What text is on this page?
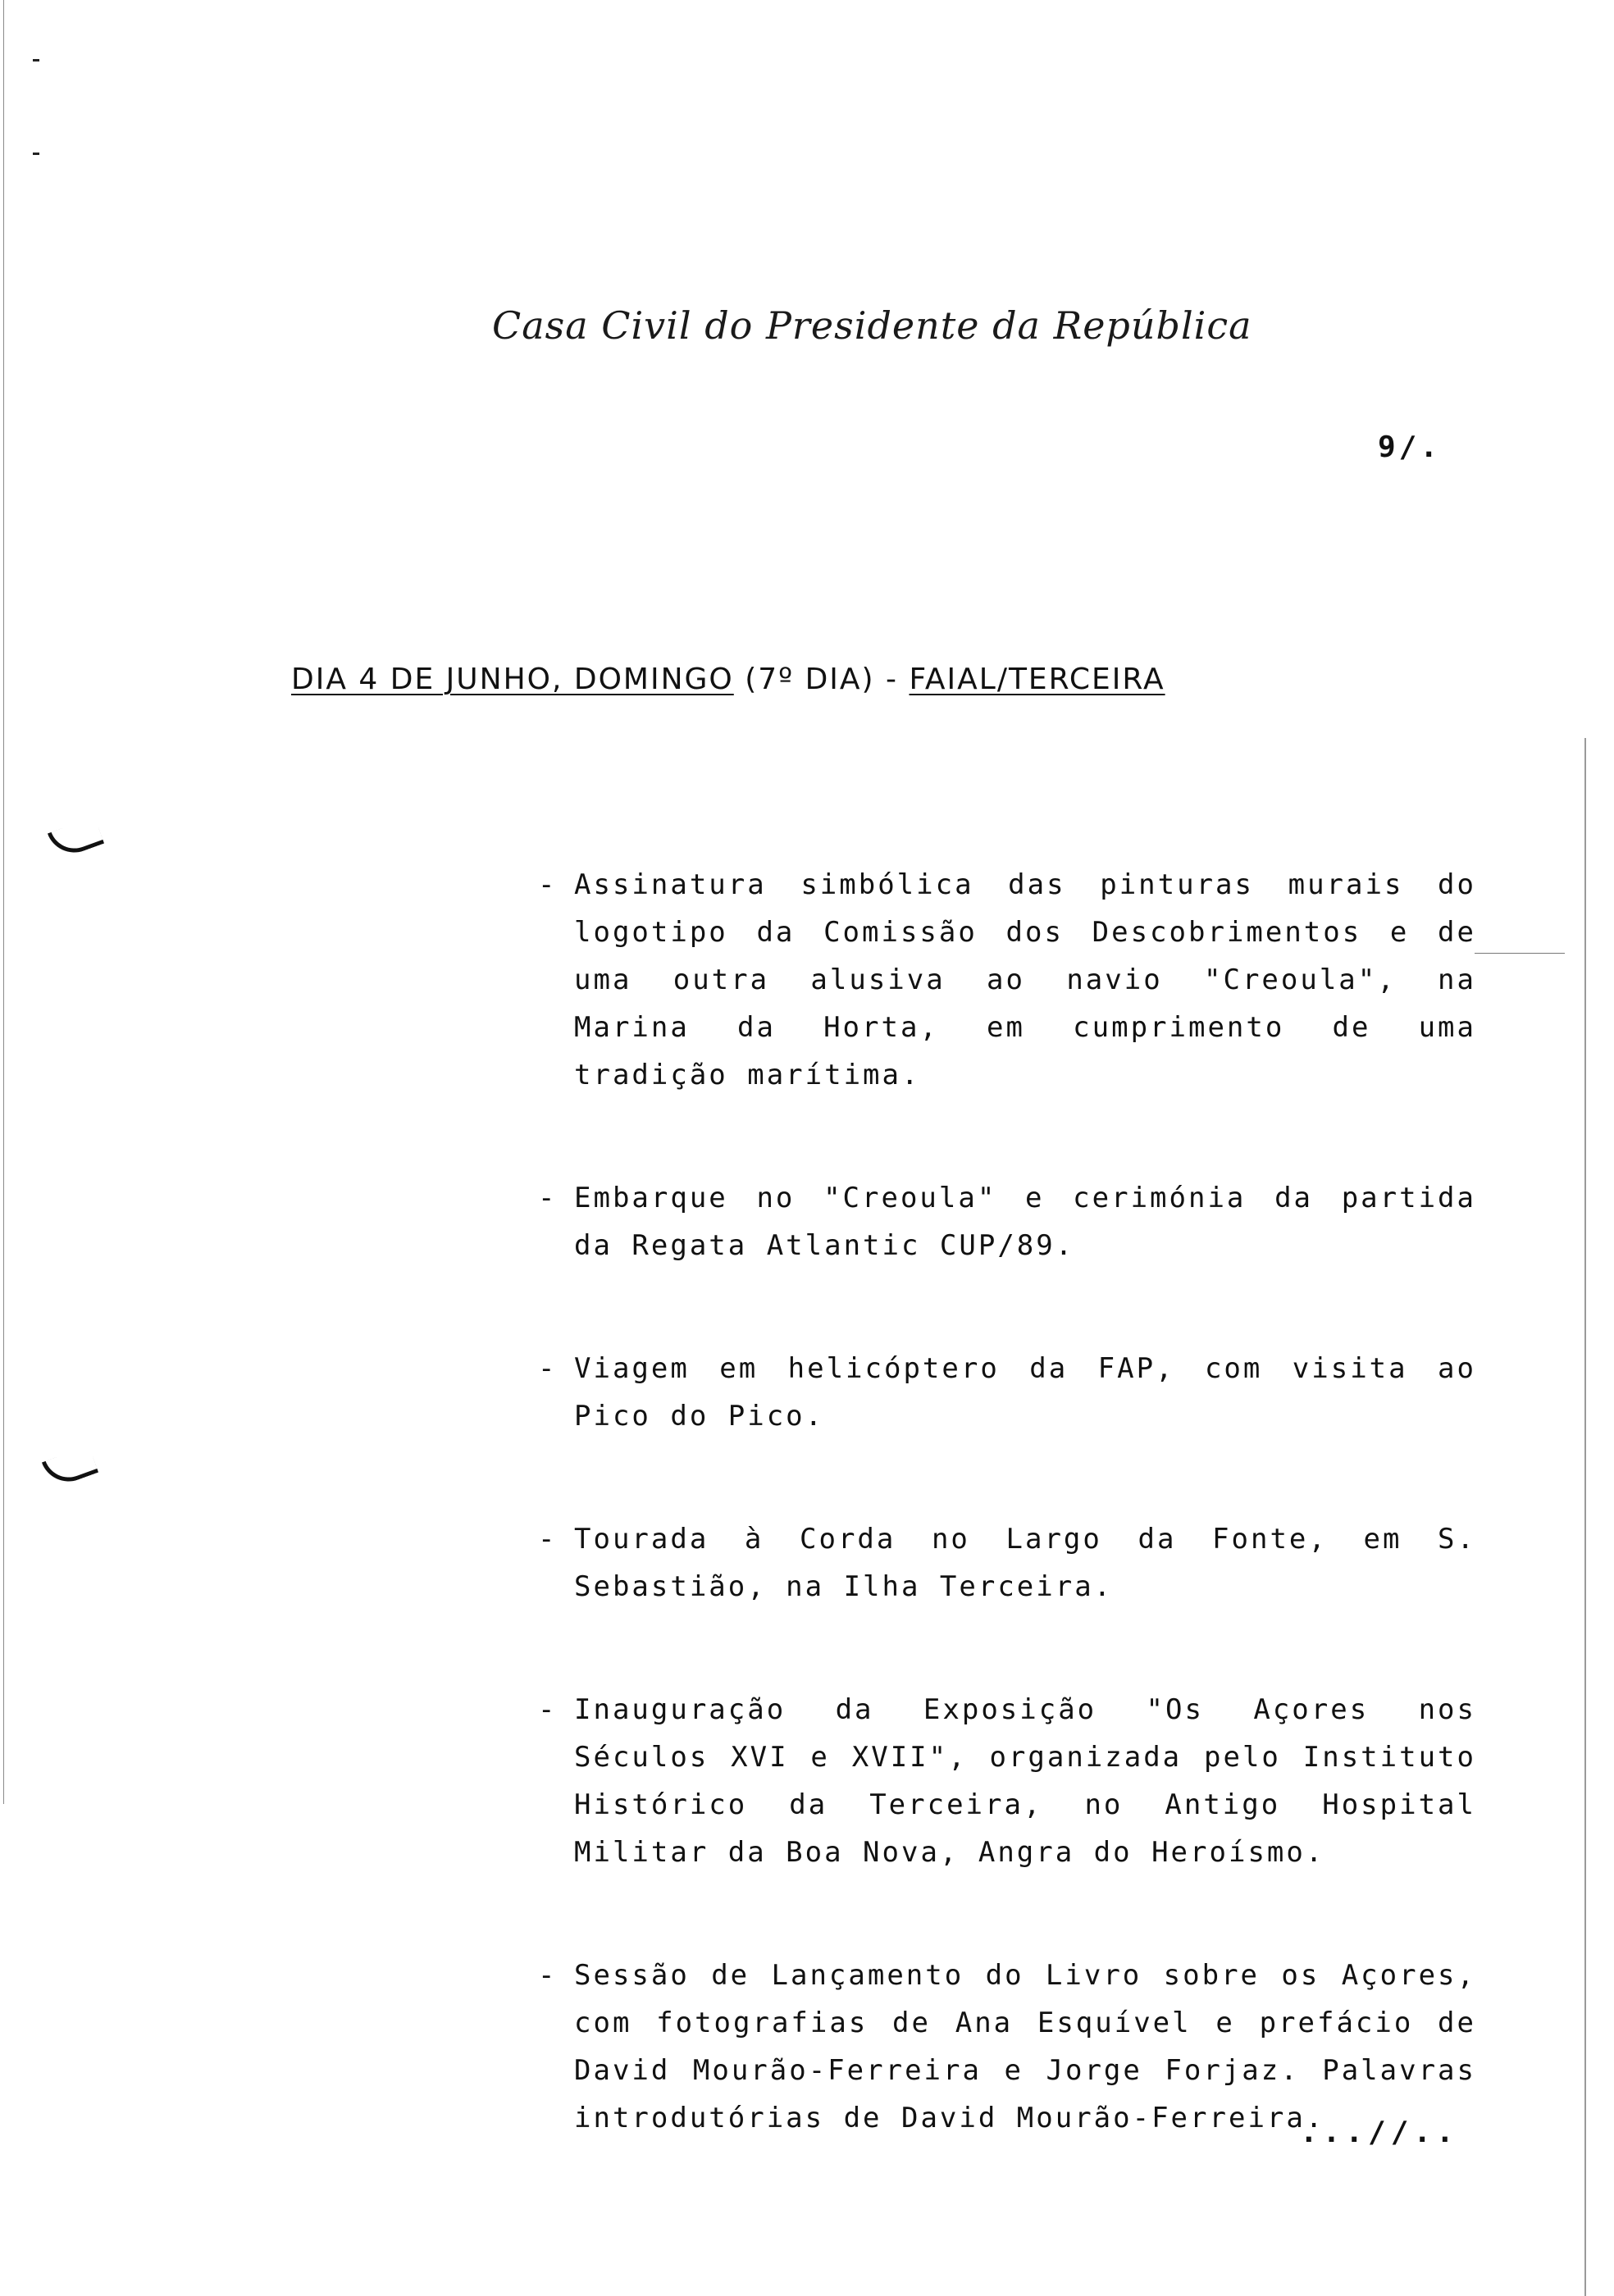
Casa Civil do Presidente da República
9/.
DIA 4 DE JUNHO, DOMINGO (7º DIA) - FAIAL/TERCEIRA
- Assinatura simbólica das pinturas murais do logotipo da Comissão dos Descobrimentos e de uma outra alusiva ao navio "Creoula", na Marina da Horta, em cumprimento de uma tradição marítima.
- Embarque no "Creoula" e cerimónia da partida da Regata Atlantic CUP/89.
- Viagem em helicóptero da FAP, com visita ao Pico do Pico.
- Tourada à Corda no Largo da Fonte, em S. Sebastião, na Ilha Terceira.
- Inauguração da Exposição "Os Açores nos Séculos XVI e XVII", organizada pelo Instituto Histórico da Terceira, no Antigo Hospital Militar da Boa Nova, Angra do Heroísmo.
- Sessão de Lançamento do Livro sobre os Açores, com fotografias de Ana Esquível e prefácio de David Mourão-Ferreira e Jorge Forjaz. Palavras introdutórias de David Mourão-Ferreira.
...//..
